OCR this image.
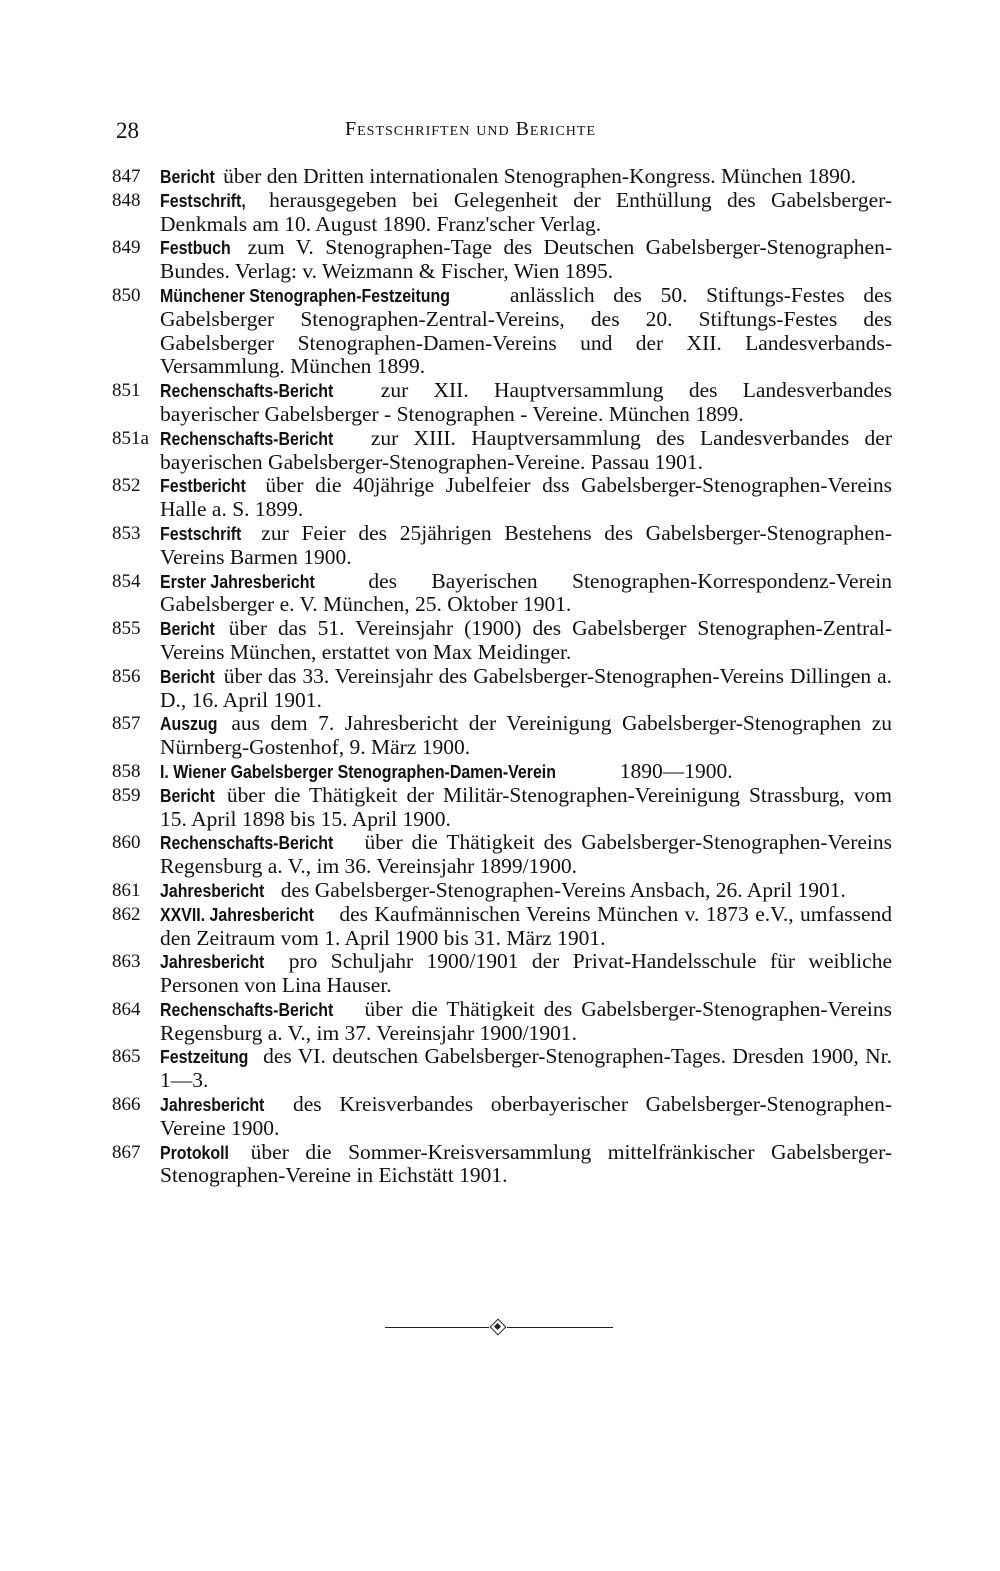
28	Festschriften und Berichte
847 Bericht über den Dritten internationalen Stenographen-Kongress. München 1890.
848 Festschrift, herausgegeben bei Gelegenheit der Enthüllung des Gabelsberger-Denkmals am 10. August 1890. Franz'scher Verlag.
849 Festbuch zum V. Stenographen-Tage des Deutschen Gabelsberger-Stenographen-Bundes. Verlag: v. Weizmann & Fischer, Wien 1895.
850 Münchener Stenographen-Festzeitung	anlässlich des 50. Stiftungs-Festes des Gabelsberger Stenographen-Zentral-Vereins, des 20. Stiftungs-Festes des Gabelsberger Stenographen-Damen-Vereins und der XII. Landesverbands-Versammlung. München 1899.
851 Rechenschafts-Bericht zur XII. Hauptversammlung des Landesverbandes bayerischer Gabelsberger - Stenographen - Vereine. München 1899.
851a Rechenschafts-Bericht zur XIII. Hauptversammlung des Landesverbandes der bayerischen Gabelsberger-Stenographen-Vereine. Passau 1901.
852 Festbericht über die 40jährige Jubelfeier dss Gabelsberger-Stenographen-Vereins Halle a. S. 1899.
853 Festschrift zur Feier des 25jährigen Bestehens des Gabelsberger-Stenographen-Vereins Barmen 1900.
854 Erster Jahresbericht des Bayerischen Stenographen-Korrespondenz-Verein Gabelsberger e. V. München, 25. Oktober 1901.
855 Bericht über das 51. Vereinsjahr (1900) des Gabelsberger Stenographen-Zentral-Vereins München, erstattet von Max Meidinger.
856 Bericht über das 33. Vereinsjahr des Gabelsberger-Stenographen-Vereins Dillingen a. D., 16. April 1901.
857 Auszug aus dem 7. Jahresbericht der Vereinigung Gabelsberger-Stenographen zu Nürnberg-Gostenhof, 9. März 1900.
858 I. Wiener Gabelsberger Stenographen-Damen-Verein	1890—1900.
859 Bericht über die Thätigkeit der Militär-Stenographen-Vereinigung Strassburg, vom 15. April 1898 bis 15. April 1900.
860 Rechenschafts-Bericht über die Thätigkeit des Gabelsberger-Stenographen-Vereins Regensburg a. V., im 36. Vereinsjahr 1899/1900.
861 Jahresbericht des Gabelsberger-Stenographen-Vereins Ansbach, 26. April 1901.
862 XXVII. Jahresbericht des Kaufmännischen Vereins München v. 1873 e.V., umfassend den Zeitraum vom 1. April 1900 bis 31. März 1901.
863 Jahresbericht pro Schuljahr 1900/1901 der Privat-Handelsschule für weibliche Personen von Lina Hauser.
864 Rechenschafts-Bericht über die Thätigkeit des Gabelsberger-Stenographen-Vereins Regensburg a. V., im 37. Vereinsjahr 1900/1901.
865 Festzeitung des VI. deutschen Gabelsberger-Stenographen-Tages. Dresden 1900, Nr. 1—3.
866 Jahresbericht des Kreisverbandes oberbayerischer Gabelsberger-Stenographen-Vereine 1900.
867 Protokoll über die Sommer-Kreisversammlung mittelfränkischer Gabelsberger-Stenographen-Vereine in Eichstätt 1901.
